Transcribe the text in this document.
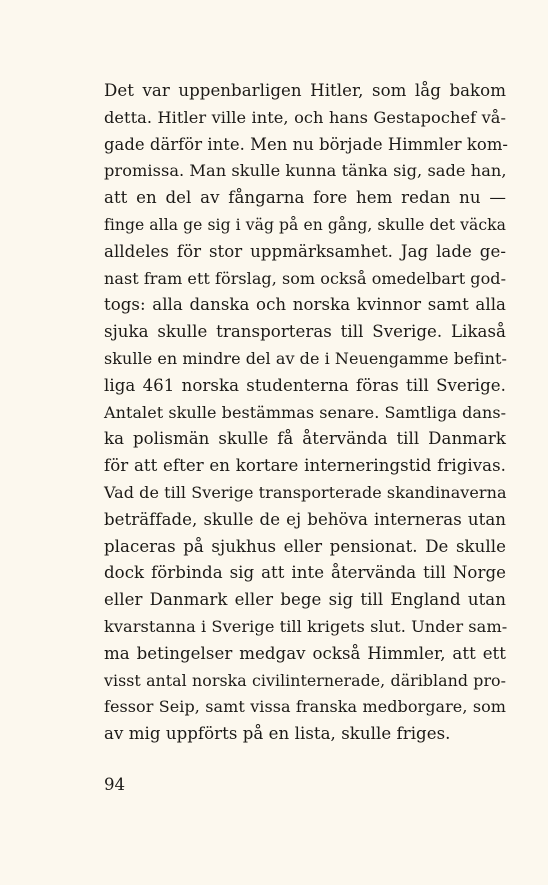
Det var uppenbarligen Hitler, som låg bakom
detta. Hitler ville inte, och hans Gestapochef vå-
gade därför inte. Men nu började Himmler kom-
promissa. Man skulle kunna tänka sig, sade han,
att en del av fångarna fore hem redan nu —
finge alla ge sig i väg på en gång, skulle det väcka
alldeles för stor uppmärksamhet. Jag lade ge-
nast fram ett förslag, som också omedelbart god-
togs: alla danska och norska kvinnor samt alla
sjuka skulle transporteras till Sverige. Likaså
skulle en mindre del av de i Neuengamme befint-
liga 461 norska studenterna föras till Sverige.
Antalet skulle bestämmas senare. Samtliga dans-
ka polismän skulle få återvända till Danmark
för att efter en kortare interneringstid frigivas.
Vad de till Sverige transporterade skandinaverna
beträffade, skulle de ej behöva interneras utan
placeras på sjukhus eller pensionat. De skulle
dock förbinda sig att inte återvända till Norge
eller Danmark eller bege sig till England utan
kvarstanna i Sverige till krigets slut. Under sam-
ma betingelser medgav också Himmler, att ett
visst antal norska civilinternerade, däribland pro-
fessor Seip, samt vissa franska medborgare, som
av mig uppförts på en lista, skulle friges.
94
